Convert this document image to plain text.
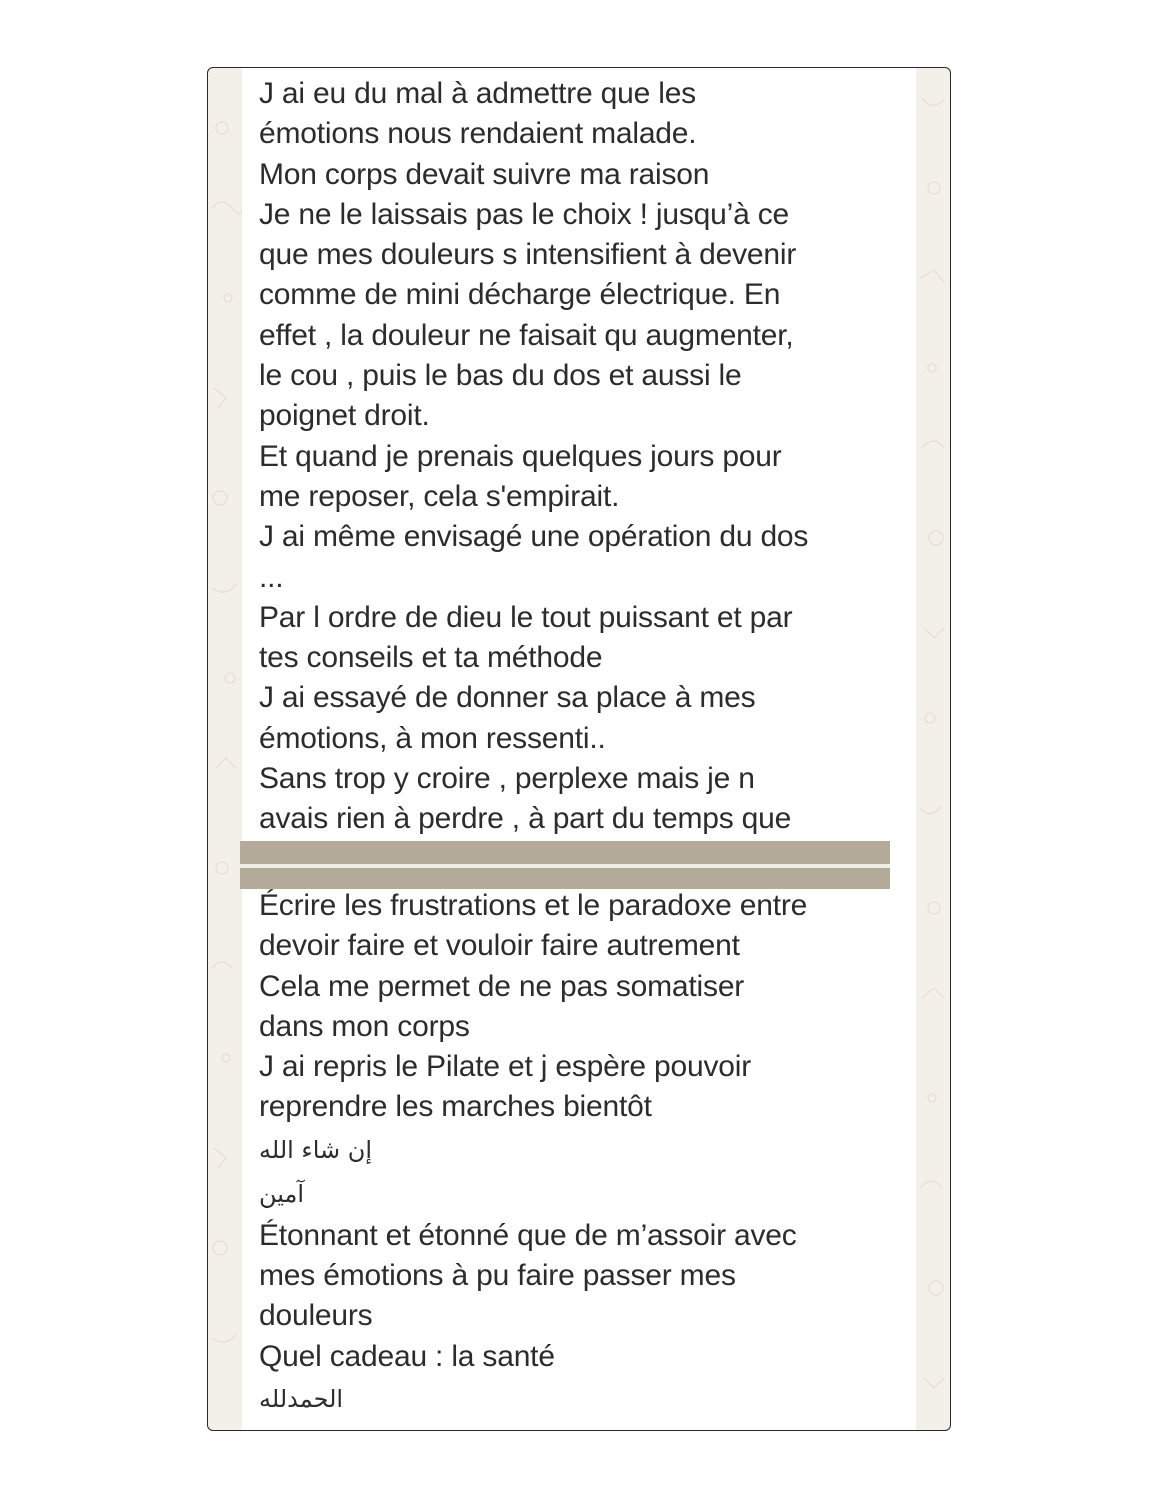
J ai eu du mal à admettre que les
émotions nous rendaient malade.
Mon corps devait suivre ma raison
Je ne le laissais pas le choix ! jusqu’à ce
que mes douleurs s intensifient à devenir
comme de mini décharge électrique. En
effet , la douleur ne faisait qu augmenter,
le cou , puis le bas du dos et aussi le
poignet droit.
Et quand je prenais quelques jours pour
me reposer, cela s'empirait.
J ai même envisagé une opération du dos
...
Par l ordre de dieu le tout puissant et par
tes conseils et ta méthode
J ai essayé de donner sa place à mes
émotions, à mon ressenti..
Sans trop y croire , perplexe mais je n
avais rien à perdre , à part du temps que
Écrire les frustrations et le paradoxe entre
devoir faire et vouloir faire autrement
Cela me permet de ne pas somatiser
dans mon corps
J ai repris le Pilate et j espère pouvoir
reprendre les marches bientôt
إن شاء الله
آمين
Étonnant et étonné que de m’assoir avec
mes émotions à pu faire passer mes
douleurs
Quel cadeau : la santé
الحمدلله
